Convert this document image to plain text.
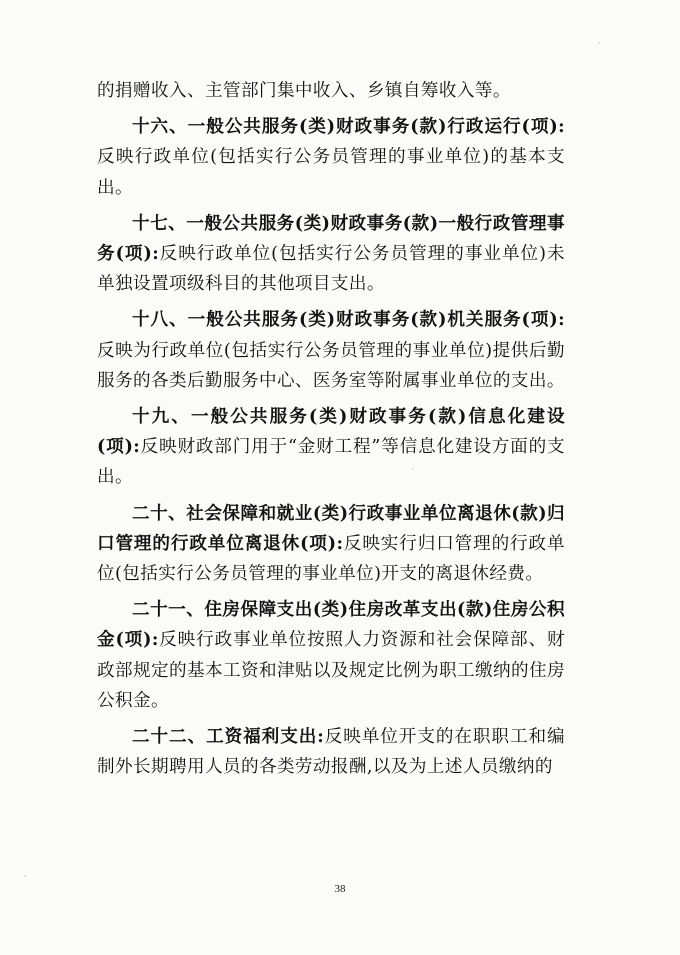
的捐赠收入、主管部门集中收入、乡镇自筹收入等。

十六、一般公共服务(类)财政事务(款)行政运行(项):反映行政单位(包括实行公务员管理的事业单位)的基本支出。

十七、一般公共服务(类)财政事务(款)一般行政管理事务(项):反映行政单位(包括实行公务员管理的事业单位)未单独设置项级科目的其他项目支出。

十八、一般公共服务(类)财政事务(款)机关服务(项):反映为行政单位(包括实行公务员管理的事业单位)提供后勤服务的各类后勤服务中心、医务室等附属事业单位的支出。

十九、一般公共服务(类)财政事务(款)信息化建设(项):反映财政部门用于“金财工程”等信息化建设方面的支出。

二十、社会保障和就业(类)行政事业单位离退休(款)归口管理的行政单位离退休(项):反映实行归口管理的行政单位(包括实行公务员管理的事业单位)开支的离退休经费。

二十一、住房保障支出(类)住房改革支出(款)住房公积金(项):反映行政事业单位按照人力资源和社会保障部、财政部规定的基本工资和津贴以及规定比例为职工缴纳的住房公积金。

二十二、工资福利支出:反映单位开支的在职职工和编制外长期聘用人员的各类劳动报酬,以及为上述人员缴纳的

38
